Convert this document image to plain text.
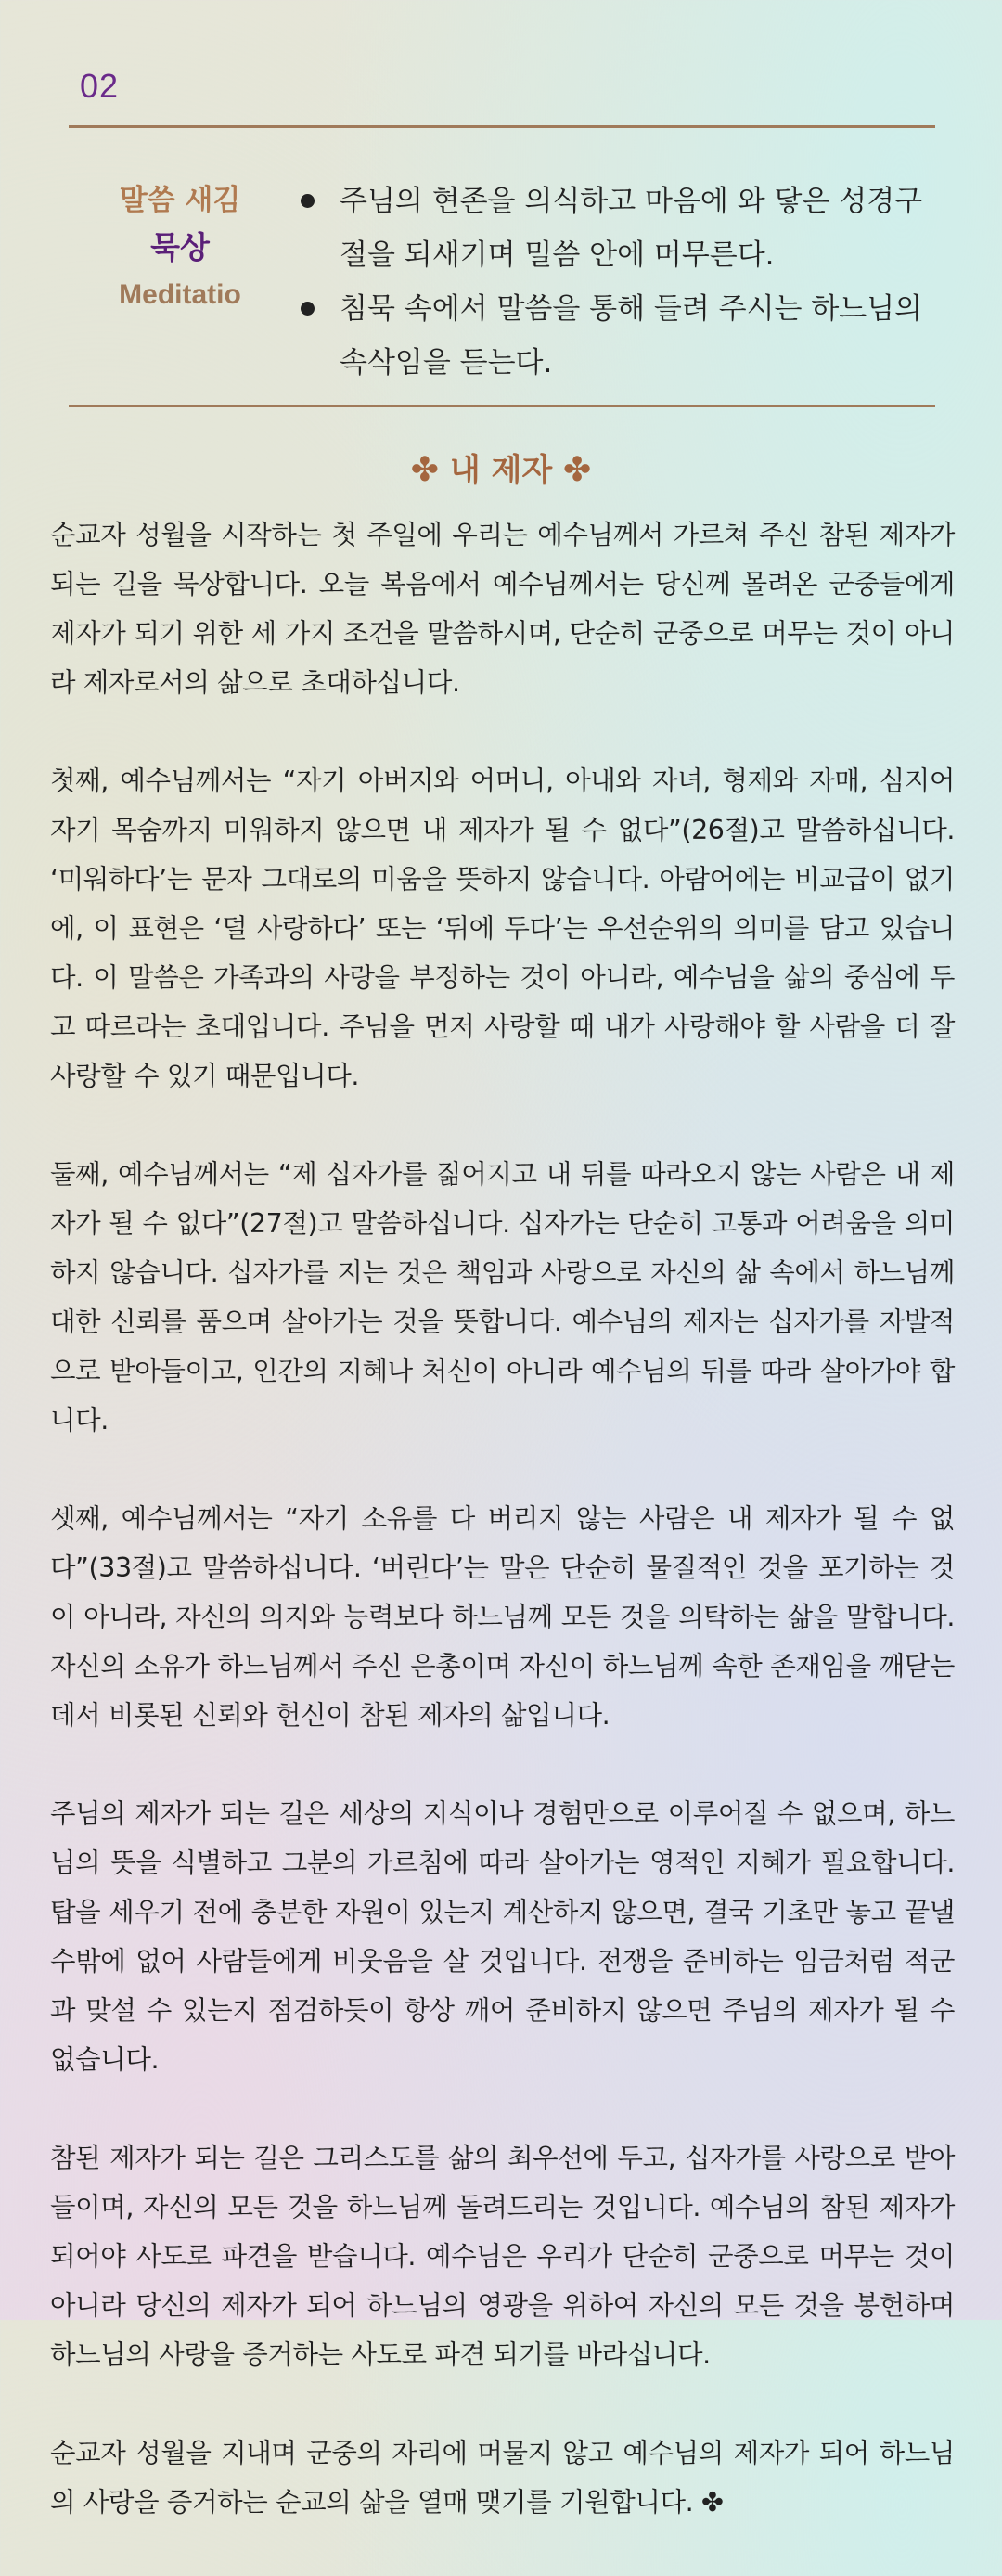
02
말씀 새김
묵상
Meditatio
주님의 현존을 의식하고 마음에 와 닿은 성경구절을 되새기며 밀씀 안에 머무른다.
침묵 속에서 말씀을 통해 들려 주시는 하느님의 속삭임을 듣는다.
✤ 내 제자 ✤

순교자 성월을 시작하는 첫 주일에 우리는 예수님께서 가르쳐 주신 참된 제자가 되는 길을 묵상합니다. 오늘 복음에서 예수님께서는 당신께 몰려온 군중들에게 제자가 되기 위한 세 가지 조건을 말씀하시며, 단순히 군중으로 머무는 것이 아니라 제자로서의 삶으로 초대하십니다.

첫째, 예수님께서는 “자기 아버지와 어머니, 아내와 자녀, 형제와 자매, 심지어 자기 목숨까지 미워하지 않으면 내 제자가 될 수 없다”(26절)고 말씀하십니다. ‘미워하다’는 문자 그대로의 미움을 뜻하지 않습니다. 아람어에는 비교급이 없기에, 이 표현은 ‘덜 사랑하다’ 또는 ‘뒤에 두다’는 우선순위의 의미를 담고 있습니다. 이 말씀은 가족과의 사랑을 부정하는 것이 아니라, 예수님을 삶의 중심에 두고 따르라는 초대입니다. 주님을 먼저 사랑할 때 내가 사랑해야 할 사람을 더 잘 사랑할 수 있기 때문입니다.

둘째, 예수님께서는 “제 십자가를 짊어지고 내 뒤를 따라오지 않는 사람은 내 제자가 될 수 없다”(27절)고 말씀하십니다. 십자가는 단순히 고통과 어려움을 의미하지 않습니다. 십자가를 지는 것은 책임과 사랑으로 자신의 삶 속에서 하느님께 대한 신뢰를 품으며 살아가는 것을 뜻합니다. 예수님의 제자는 십자가를 자발적으로 받아들이고, 인간의 지혜나 처신이 아니라 예수님의 뒤를 따라 살아가야 합니다.

셋째, 예수님께서는 “자기 소유를 다 버리지 않는 사람은 내 제자가 될 수 없다”(33절)고 말씀하십니다. ‘버린다’는 말은 단순히 물질적인 것을 포기하는 것이 아니라, 자신의 의지와 능력보다 하느님께 모든 것을 의탁하는 삶을 말합니다. 자신의 소유가 하느님께서 주신 은총이며 자신이 하느님께 속한 존재임을 깨닫는 데서 비롯된 신뢰와 헌신이 참된 제자의 삶입니다.

주님의 제자가 되는 길은 세상의 지식이나 경험만으로 이루어질 수 없으며, 하느님의 뜻을 식별하고 그분의 가르침에 따라 살아가는 영적인 지혜가 필요합니다. 탑을 세우기 전에 충분한 자원이 있는지 계산하지 않으면, 결국 기초만 놓고 끝낼 수밖에 없어 사람들에게 비웃음을 살 것입니다. 전쟁을 준비하는 임금처럼 적군과 맞설 수 있는지 점검하듯이 항상 깨어 준비하지 않으면 주님의 제자가 될 수 없습니다.

참된 제자가 되는 길은 그리스도를 삶의 최우선에 두고, 십자가를 사랑으로 받아들이며, 자신의 모든 것을 하느님께 돌려드리는 것입니다. 예수님의 참된 제자가 되어야 사도로 파견을 받습니다. 예수님은 우리가 단순히 군중으로 머무는 것이 아니라 당신의 제자가 되어 하느님의 영광을 위하여 자신의 모든 것을 봉헌하며 하느님의 사랑을 증거하는 사도로 파견 되기를 바라십니다.

순교자 성월을 지내며 군중의 자리에 머물지 않고 예수님의 제자가 되어 하느님의 사랑을 증거하는 순교의 삶을 열매 맺기를 기원합니다. ✤
